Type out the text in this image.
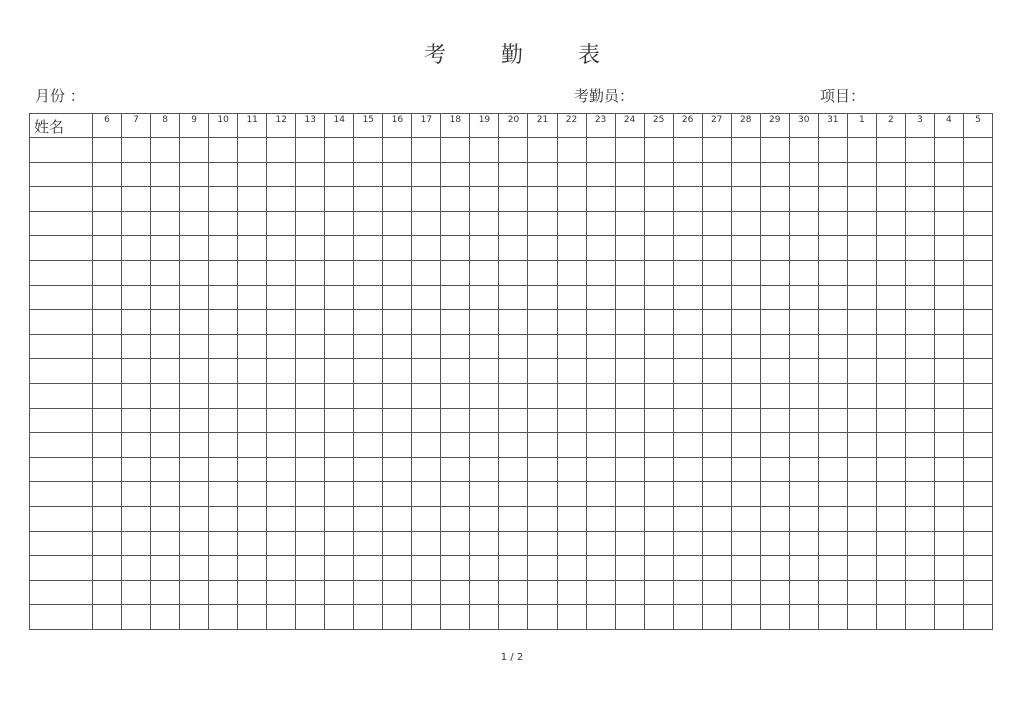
考 勤 表
月份 ：	考勤员：	项目：
姓名	6	7	8	9	10	11	12	13	14	15	16	17	18	19	20	21	22	23	24	25	26	27	28	29	30	31	1	2	3	4	5

1 / 2
